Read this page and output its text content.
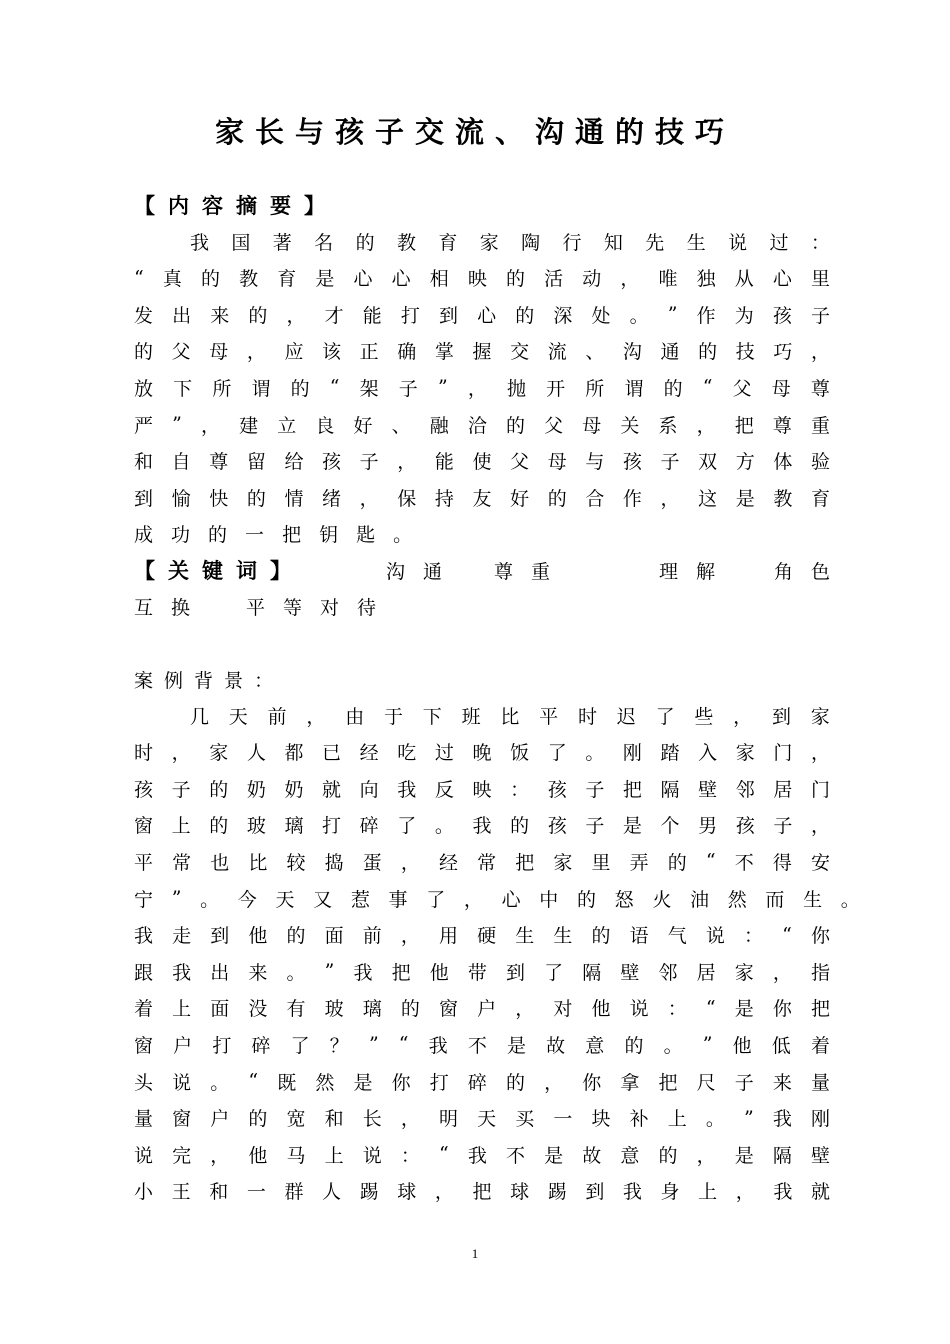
家长与孩子交流、沟通的技巧
【 内 容 摘 要 】
我 国 著 名 的 教 育 家 陶 行 知 先 生 说 过 ：
“ 真 的 教 育 是 心 心 相 映 的 活 动 ， 唯 独 从 心 里
发 出 来 的 ， 才 能 打 到 心 的 深 处 。 ” 作 为 孩 子
的 父 母 ， 应 该 正 确 掌 握 交 流 、 沟 通 的 技 巧 ，
放 下 所 谓 的 “ 架 子 ” ， 抛 开 所 谓 的 “ 父 母 尊
严 ” ， 建 立 良 好 、 融 洽 的 父 母 关 系 ， 把 尊 重
和 自 尊 留 给 孩 子 ， 能 使 父 母 与 孩 子 双 方 体 验
到 愉 快 的 情 绪 ， 保 持 友 好 的 合 作 ， 这 是 教 育
成 功 的 一 把 钥 匙 。
【 关 键 词 】	沟通 尊重	理解 角色
互换 平等对待
案 例 背 景 ：
几 天 前 ， 由 于 下 班 比 平 时 迟 了 些 ， 到 家
时 ， 家 人 都 已 经 吃 过 晚 饭 了 。 刚 踏 入 家 门 ，
孩 子 的 奶 奶 就 向 我 反 映 ： 孩 子 把 隔 壁 邻 居 门
窗 上 的 玻 璃 打 碎 了 。 我 的 孩 子 是 个 男 孩 子 ，
平 常 也 比 较 捣 蛋 ， 经 常 把 家 里 弄 的 “ 不 得 安
宁 ” 。 今 天 又 惹 事 了 ， 心 中 的 怒 火 油 然 而 生 。
我 走 到 他 的 面 前 ， 用 硬 生 生 的 语 气 说 ： “ 你
跟 我 出 来 。 ” 我 把 他 带 到 了 隔 壁 邻 居 家 ， 指
着 上 面 没 有 玻 璃 的 窗 户 ， 对 他 说 ： “ 是 你 把
窗 户 打 碎 了 ？ ” “ 我 不 是 故 意 的 。 ” 他 低 着
头 说 。 “ 既 然 是 你 打 碎 的 ， 你 拿 把 尺 子 来 量
量 窗 户 的 宽 和 长 ， 明 天 买 一 块 补 上 。 ” 我 刚
说 完 ， 他 马 上 说 ： “ 我 不 是 故 意 的 ， 是 隔 壁
小 王 和 一 群 人 踢 球 ， 把 球 踢 到 我 身 上 ， 我 就
1
